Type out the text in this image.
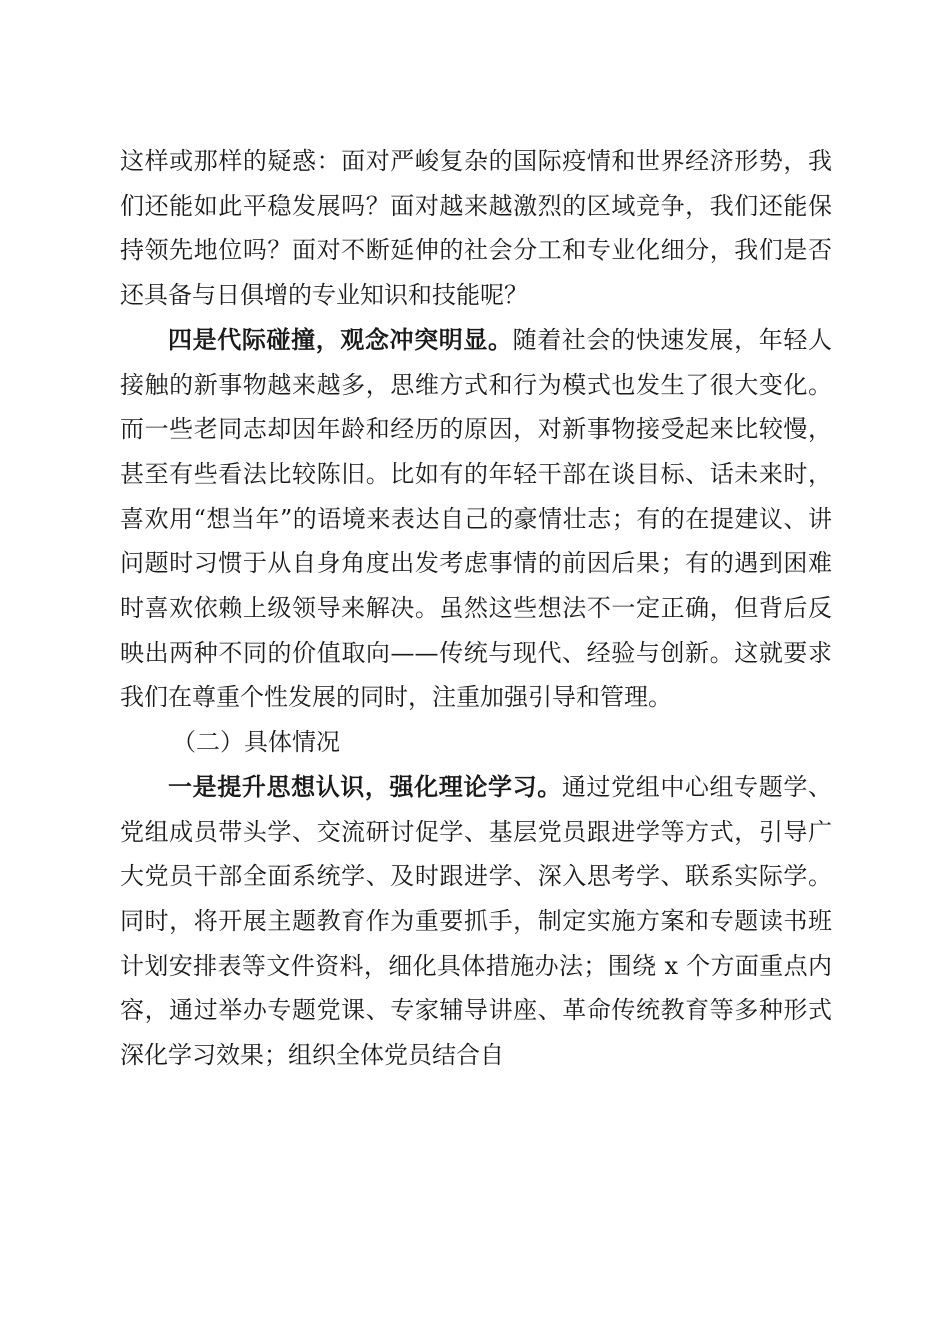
这样或那样的疑惑：面对严峻复杂的国际疫情和世界经济形势，我们还能如此平稳发展吗？面对越来越激烈的区域竞争，我们还能保持领先地位吗？面对不断延伸的社会分工和专业化细分，我们是否还具备与日俱增的专业知识和技能呢？

四是代际碰撞，观念冲突明显。随着社会的快速发展，年轻人接触的新事物越来越多，思维方式和行为模式也发生了很大变化。而一些老同志却因年龄和经历的原因，对新事物接受起来比较慢，甚至有些看法比较陈旧。比如有的年轻干部在谈目标、话未来时，喜欢用“想当年”的语境来表达自己的豪情壮志；有的在提建议、讲问题时习惯于从自身角度出发考虑事情的前因后果；有的遇到困难时喜欢依赖上级领导来解决。虽然这些想法不一定正确，但背后反映出两种不同的价值取向——传统与现代、经验与创新。这就要求我们在尊重个性发展的同时，注重加强引导和管理。

（二）具体情况

一是提升思想认识，强化理论学习。通过党组中心组专题学、党组成员带头学、交流研讨促学、基层党员跟进学等方式，引导广大党员干部全面系统学、及时跟进学、深入思考学、联系实际学。同时，将开展主题教育作为重要抓手，制定实施方案和专题读书班计划安排表等文件资料，细化具体措施办法；围绕 x 个方面重点内容，通过举办专题党课、专家辅导讲座、革命传统教育等多种形式深化学习效果；组织全体党员结合自
